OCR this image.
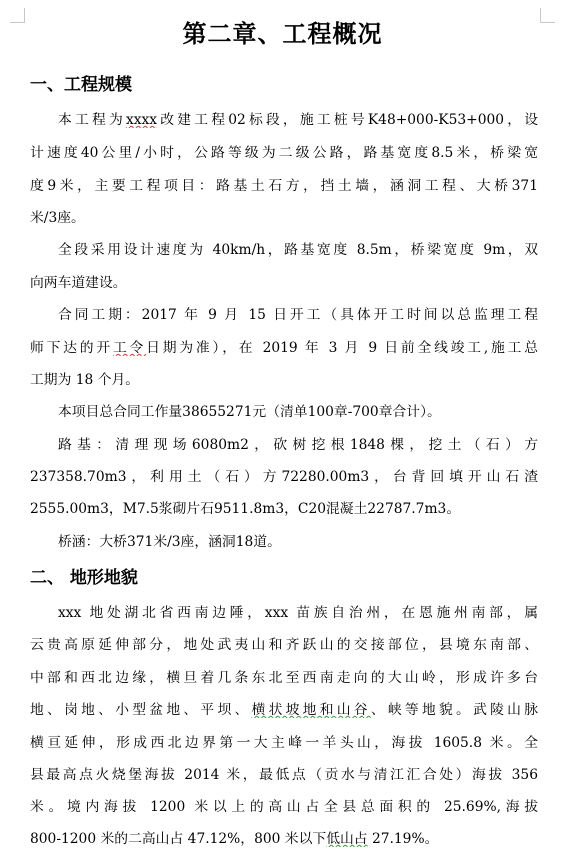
第二章、工程概况
一、工程规模
本工程为xxxx改建工程02标段，施工桩号K48+000-K53+000，设
计速度40公里/小时，公路等级为二级公路，路基宽度8.5米，桥梁宽
度9米，主要工程项目：路基土石方，挡土墙，涵洞工程、大桥371
米/3座。
全段采用设计速度为 40km/h，路基宽度 8.5m，桥梁宽度 9m，双
向两车道建设。
合同工期：2017 年 9 月 15 日开工（具体开工时间以总监理工程
师下达的开工令日期为准），在 2019 年 3 月 9 日前全线竣工,施工总
工期为 18 个月。
本项目总合同工作量38655271元（清单100章-700章合计）。
路基：清理现场6080m2，砍树挖根1848棵，挖土（石）方
237358.70m3，利用土（石）方72280.00m3，台背回填开山石渣
2555.00m3，M7.5浆砌片石9511.8m3，C20混凝土22787.7m3。
桥涵：大桥371米/3座，涵洞18道。
二、 地形地貌
xxx 地处湖北省西南边陲，xxx 苗族自治州，在恩施州南部，属
云贵高原延伸部分，地处武夷山和齐跃山的交接部位，县境东南部、
中部和西北边缘，横旦着几条东北至西南走向的大山岭，形成许多台
地、岗地、小型盆地、平坝、横状坡地和山谷、峡等地貌。武陵山脉
横亘延伸，形成西北边界第一大主峰一羊头山，海拔 1605.8 米。全
县最高点火烧堡海拔 2014 米，最低点（贡水与清江汇合处）海拔 356
米。境内海拔 1200 米以上的高山占全县总面积的 25.69%,海拔
800-1200 米的二高山占 47.12%，800 米以下低山占 27.19%。
